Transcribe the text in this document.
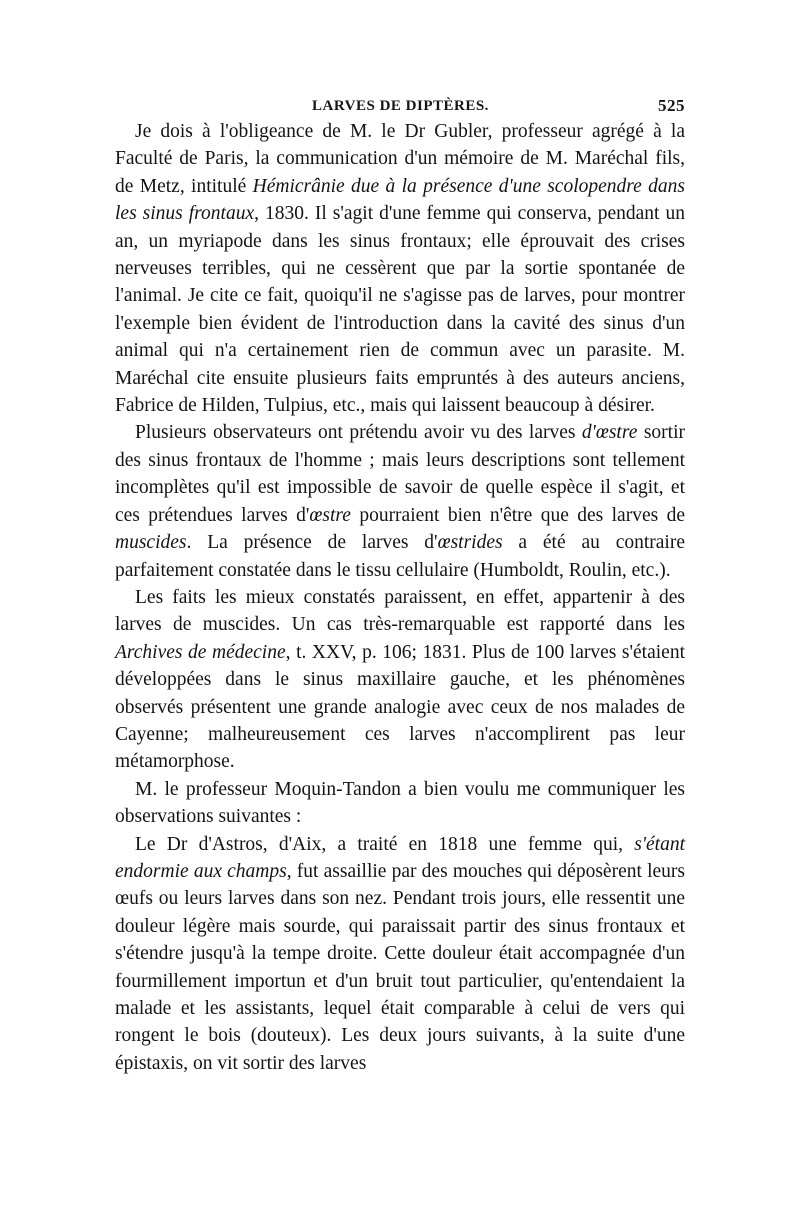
LARVES DE DIPTÈRES.	525

Je dois à l'obligeance de M. le Dr Gubler, professeur agrégé à la Faculté de Paris, la communication d'un mémoire de M. Maréchal fils, de Metz, intitulé Hémicrânie due à la présence d'une scolopendre dans les sinus frontaux, 1830. Il s'agit d'une femme qui conserva, pendant un an, un myriapode dans les sinus frontaux; elle éprouvait des crises nerveuses terribles, qui ne cessèrent que par la sortie spontanée de l'animal. Je cite ce fait, quoiqu'il ne s'agisse pas de larves, pour montrer l'exemple bien évident de l'introduction dans la cavité des sinus d'un animal qui n'a certainement rien de commun avec un parasite. M. Maréchal cite ensuite plusieurs faits empruntés à des auteurs anciens, Fabrice de Hilden, Tulpius, etc., mais qui laissent beaucoup à désirer.

Plusieurs observateurs ont prétendu avoir vu des larves d'œstre sortir des sinus frontaux de l'homme ; mais leurs descriptions sont tellement incomplètes qu'il est impossible de savoir de quelle espèce il s'agit, et ces prétendues larves d'œstre pourraient bien n'être que des larves de muscides. La présence de larves d'œstrides a été au contraire parfaitement constatée dans le tissu cellulaire (Humboldt, Roulin, etc.).

Les faits les mieux constatés paraissent, en effet, appartenir à des larves de muscides. Un cas très-remarquable est rapporté dans les Archives de médecine, t. XXV, p. 106; 1831. Plus de 100 larves s'étaient développées dans le sinus maxillaire gauche, et les phénomènes observés présentent une grande analogie avec ceux de nos malades de Cayenne; malheureusement ces larves n'accomplirent pas leur métamorphose.

M. le professeur Moquin-Tandon a bien voulu me communiquer les observations suivantes :

Le Dr d'Astros, d'Aix, a traité en 1818 une femme qui, s'étant endormie aux champs, fut assaillie par des mouches qui déposèrent leurs œufs ou leurs larves dans son nez. Pendant trois jours, elle ressentit une douleur légère mais sourde, qui paraissait partir des sinus frontaux et s'étendre jusqu'à la tempe droite. Cette douleur était accompagnée d'un fourmillement importun et d'un bruit tout particulier, qu'entendaient la malade et les assistants, lequel était comparable à celui de vers qui rongent le bois (douteux). Les deux jours suivants, à la suite d'une épistaxis, on vit sortir des larves
